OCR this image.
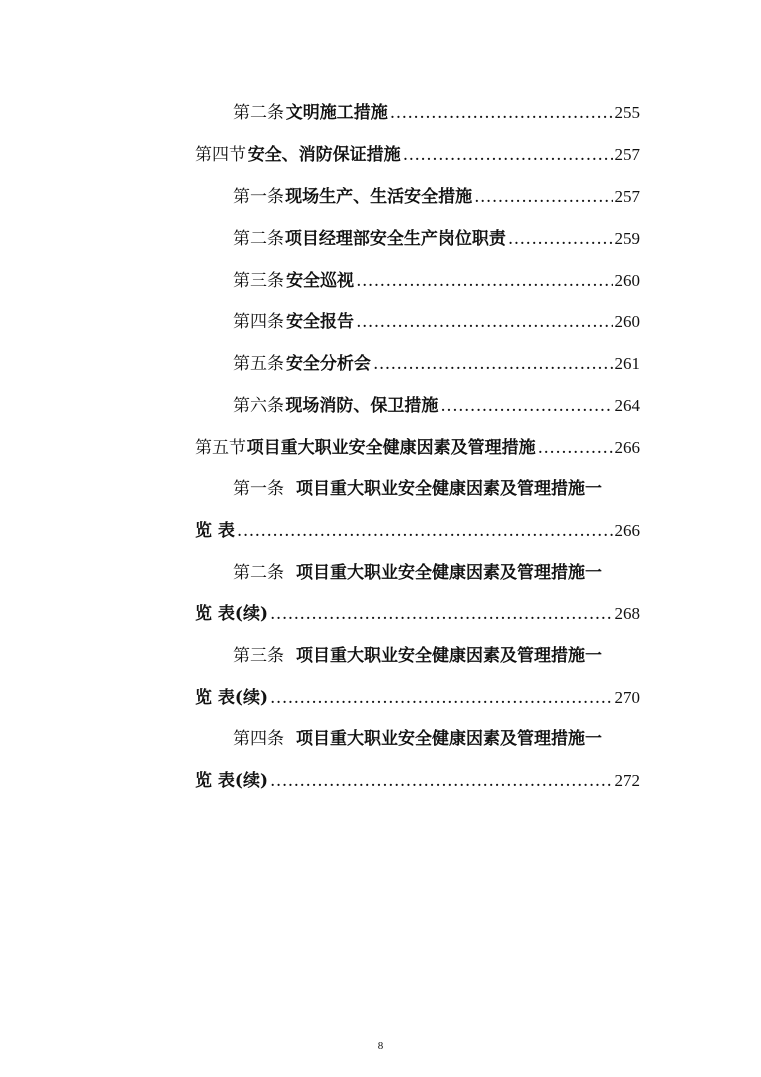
第二条 文明施工措施 .....	255
第四节 安全、消防保证措施 .....	257
第一条 现场生产、生活安全措施 .....	257
第二条 项目经理部安全生产岗位职责 .....	259
第三条 安全巡视 .....	260
第四条 安全报告 .....	260
第五条 安全分析会 .....	261
第六条 现场消防、保卫措施 .....	264
第五节 项目重大职业安全健康因素及管理措施 .....	266
第一条 项目重大职业安全健康因素及管理措施一
览 表 .....	266
第二条 项目重大职业安全健康因素及管理措施一
览 表(续) .....	268
第三条 项目重大职业安全健康因素及管理措施一
览 表(续) .....	270
第四条 项目重大职业安全健康因素及管理措施一
览 表(续) .....	272
8
